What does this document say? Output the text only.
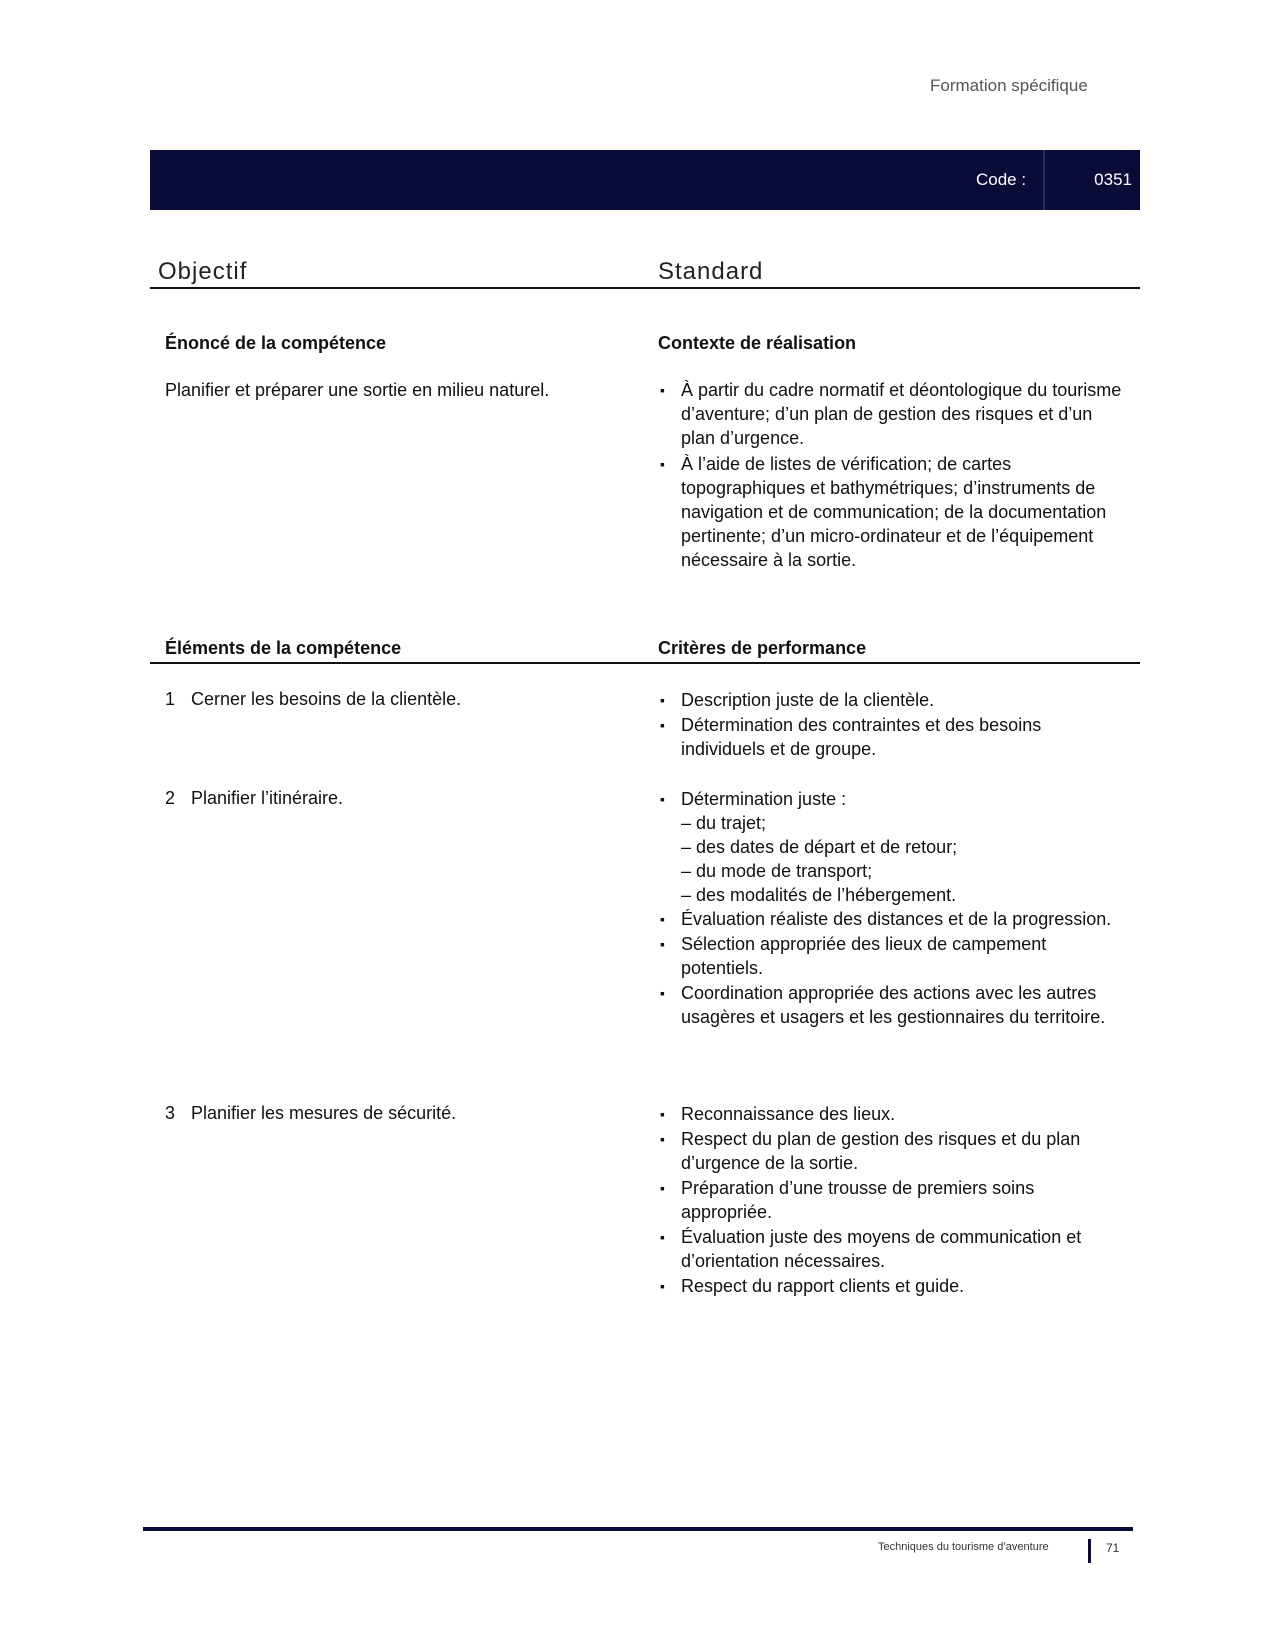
Formation spécifique
Code :	0351
Objectif	Standard
Énoncé de la compétence	Contexte de réalisation
Planifier et préparer une sortie en milieu naturel.	▪ À partir du cadre normatif et déontologique du tourisme d’aventure; d’un plan de gestion des risques et d’un plan d’urgence.
▪ À l’aide de listes de vérification; de cartes topographiques et bathymétriques; d’instruments de navigation et de communication; de la documentation pertinente; d’un micro-ordinateur et de l’équipement nécessaire à la sortie.
Éléments de la compétence	Critères de performance
1 Cerner les besoins de la clientèle.	▪ Description juste de la clientèle.
▪ Détermination des contraintes et des besoins individuels et de groupe.
2 Planifier l’itinéraire.	▪ Détermination juste :
– du trajet;
– des dates de départ et de retour;
– du mode de transport;
– des modalités de l’hébergement.
▪ Évaluation réaliste des distances et de la progression.
▪ Sélection appropriée des lieux de campement potentiels.
▪ Coordination appropriée des actions avec les autres usagères et usagers et les gestionnaires du territoire.
3 Planifier les mesures de sécurité.	▪ Reconnaissance des lieux.
▪ Respect du plan de gestion des risques et du plan d’urgence de la sortie.
▪ Préparation d’une trousse de premiers soins appropriée.
▪ Évaluation juste des moyens de communication et d’orientation nécessaires.
▪ Respect du rapport clients et guide.
Techniques du tourisme d’aventure	71
